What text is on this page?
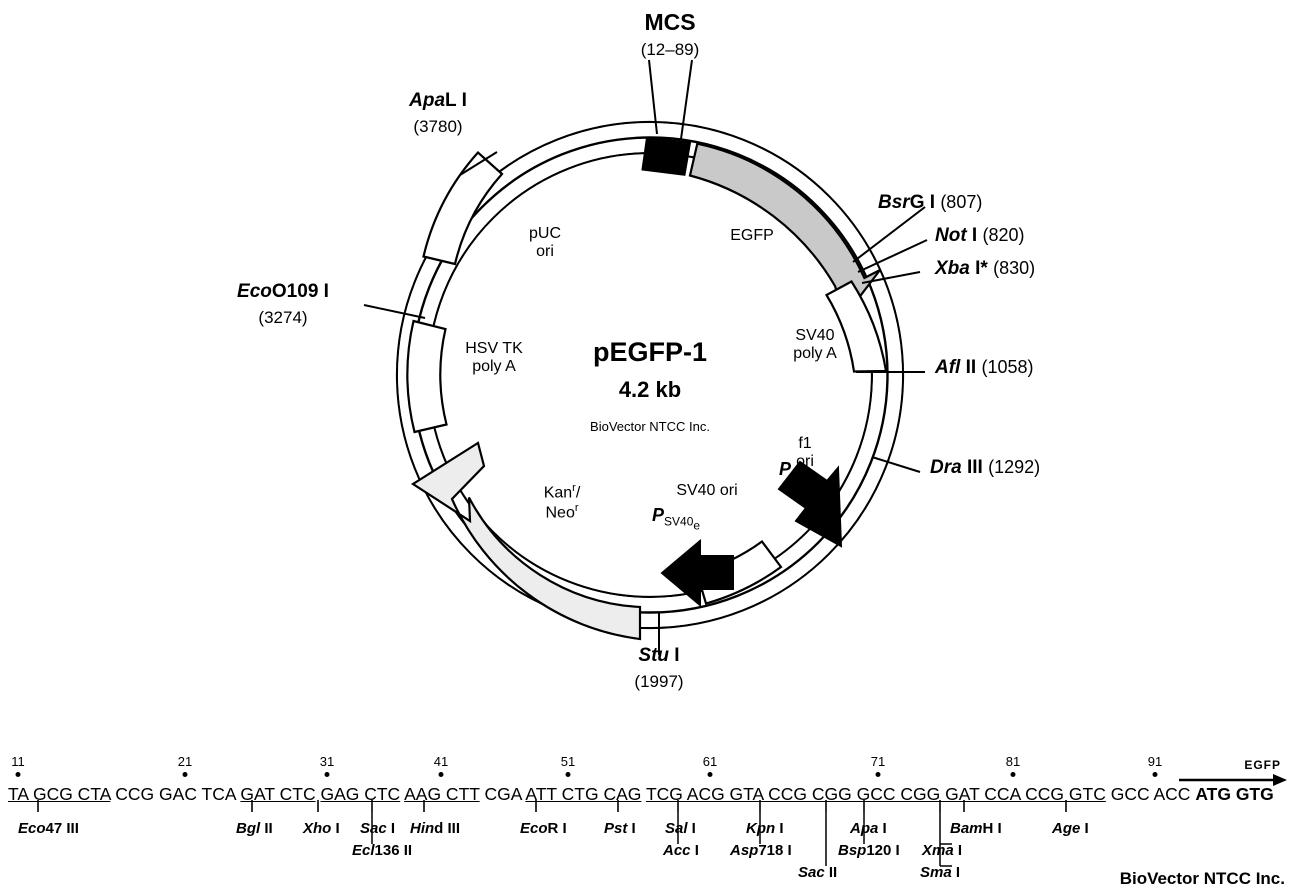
MCS
(12–89)
ApaL I
(3780)
EcoO109 I
(3274)
Stu I
(1997)
BsrG I (807)
Not I (820)
Xba I* (830)
Afl II (1058)
Dra III (1292)
pUC
ori
EGFP
SV40
poly A
f1
ori
HSV TK
poly A
Kan$^r$/
Neo$^r$
SV40 ori
P
$P_{SV40e}$
pEGFP-1
4.2 kb
BioVector NTCC Inc.
11	21	31	41	51	61	71	81	91	EGFP
TA GCG CTA CCG GAC TCA GAT CTC GAG CTC AAG CTT CGA ATT CTG CAG TCG ACG GTA CCG CGG GCC CGG GAT CCA CCG GTC GCC ACC ATG GTG
Eco47 III	Bgl II Xho I Sac I
Ecl136 II
Hind III	EcoR I Pst I Sal I
Acc I
Kpn I
Asp718 I
Sac II
Apa I
Bsp120 I Xma I
Sma I
BamH I	Age I
BioVector NTCC Inc.
